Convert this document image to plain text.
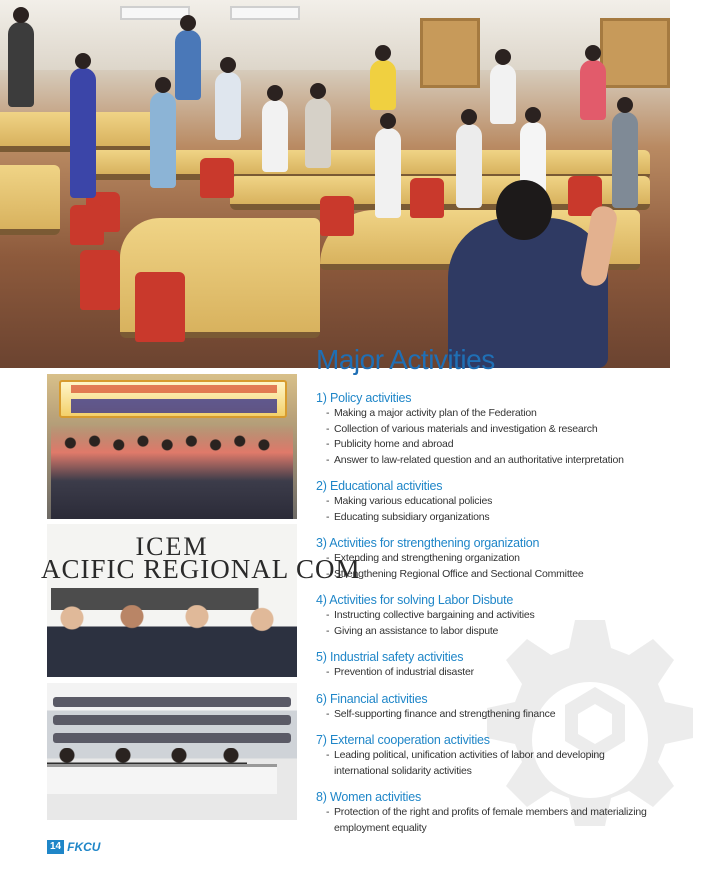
ICEM
ACIFIC REGIONAL COM
Major Activities
1) Policy activities
- Making a major activity plan of the Federation
- Collection of various materials and investigation & research
- Publicity home and abroad
- Answer to law-related question and an authoritative interpretation
2) Educational activities
- Making various educational policies
- Educating subsidiary organizations
3) Activities for strengthening organization
- Extending and strengthening organization
- Strengthening Regional Office and Sectional Committee
4) Activities for solving Labor Disbute
- Instructing collective bargaining and activities
- Giving an assistance to labor dispute
5) Industrial safety activities
- Prevention of industrial disaster
6) Financial activities
- Self-supporting finance and strengthening finance
7) External cooperation activities
- Leading political, unification activities of labor and developing international solidarity activities
8) Women activities
- Protection of the right and profits of female members and materializing employment equality
14 FKCU
